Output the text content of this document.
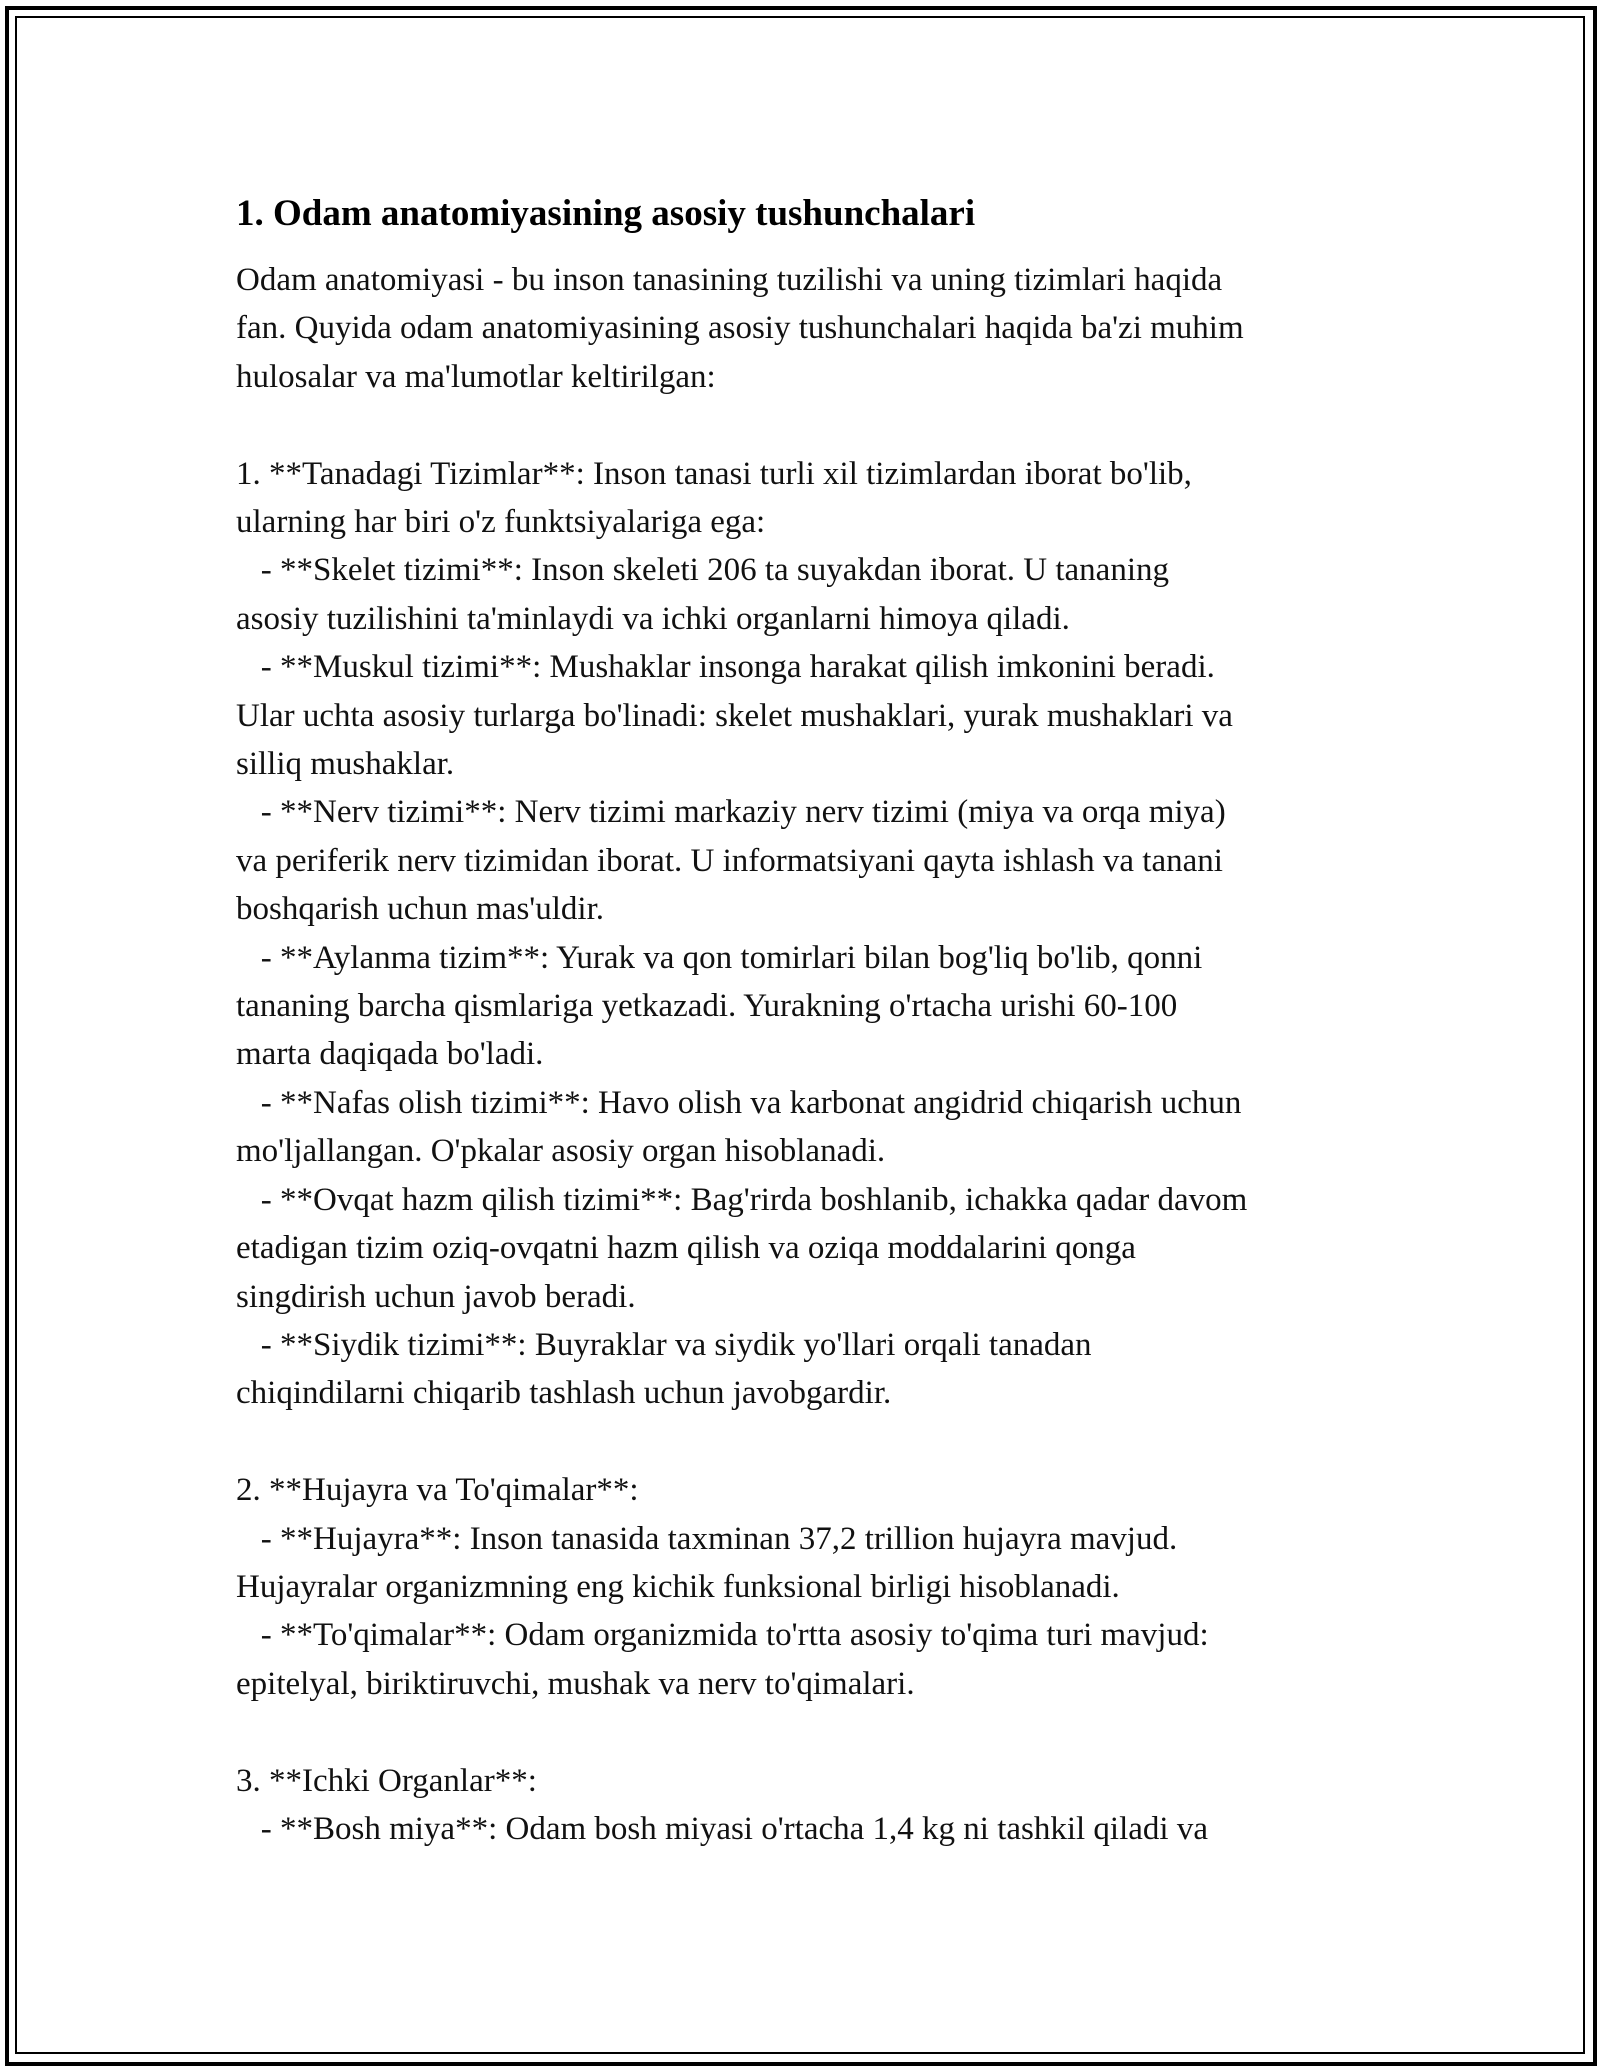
1. Odam anatomiyasining asosiy tushunchalari

Odam anatomiyasi - bu inson tanasining tuzilishi va uning tizimlari haqida
fan. Quyida odam anatomiyasining asosiy tushunchalari haqida ba'zi muhim
hulosalar va ma'lumotlar keltirilgan:

1. **Tanadagi Tizimlar**: Inson tanasi turli xil tizimlardan iborat bo'lib,
ularning har biri o'z funktsiyalariga ega:
- **Skelet tizimi**: Inson skeleti 206 ta suyakdan iborat. U tananing
asosiy tuzilishini ta'minlaydi va ichki organlarni himoya qiladi.
- **Muskul tizimi**: Mushaklar insonga harakat qilish imkonini beradi.
Ular uchta asosiy turlarga bo'linadi: skelet mushaklari, yurak mushaklari va
silliq mushaklar.
- **Nerv tizimi**: Nerv tizimi markaziy nerv tizimi (miya va orqa miya)
va periferik nerv tizimidan iborat. U informatsiyani qayta ishlash va tanani
boshqarish uchun mas'uldir.
- **Aylanma tizim**: Yurak va qon tomirlari bilan bog'liq bo'lib, qonni
tananing barcha qismlariga yetkazadi. Yurakning o'rtacha urishi 60-100
marta daqiqada bo'ladi.
- **Nafas olish tizimi**: Havo olish va karbonat angidrid chiqarish uchun
mo'ljallangan. O'pkalar asosiy organ hisoblanadi.
- **Ovqat hazm qilish tizimi**: Bag'rirda boshlanib, ichakka qadar davom
etadigan tizim oziq-ovqatni hazm qilish va oziqa moddalarini qonga
singdirish uchun javob beradi.
- **Siydik tizimi**: Buyraklar va siydik yo'llari orqali tanadan
chiqindilarni chiqarib tashlash uchun javobgardir.

2. **Hujayra va To'qimalar**:
- **Hujayra**: Inson tanasida taxminan 37,2 trillion hujayra mavjud.
Hujayralar organizmning eng kichik funksional birligi hisoblanadi.
- **To'qimalar**: Odam organizmida to'rtta asosiy to'qima turi mavjud:
epitelyal, biriktiruvchi, mushak va nerv to'qimalari.

3. **Ichki Organlar**:
- **Bosh miya**: Odam bosh miyasi o'rtacha 1,4 kg ni tashkil qiladi va
